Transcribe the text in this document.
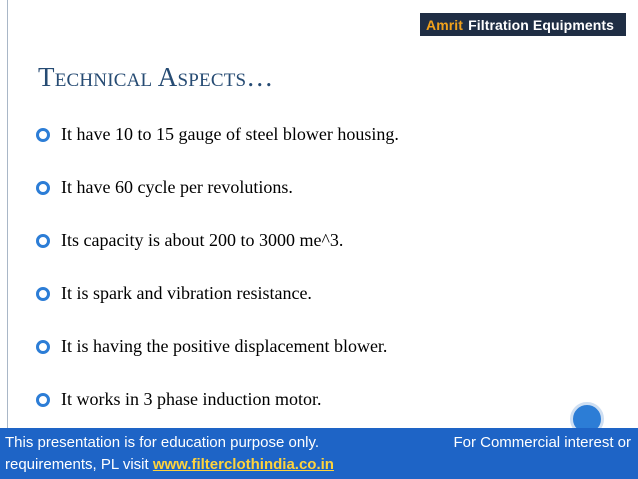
Amrit Filtration Equipments
Technical Aspects…
It have 10 to 15 gauge of steel blower housing.
It have 60 cycle per revolutions.
Its capacity is about 200 to 3000 me^3.
It is spark and vibration resistance.
It is having the positive displacement blower.
It works in 3 phase induction motor.
This presentation is for education purpose only.	For Commercial interest or
requirements, PL visit www.filterclothindia.co.in
